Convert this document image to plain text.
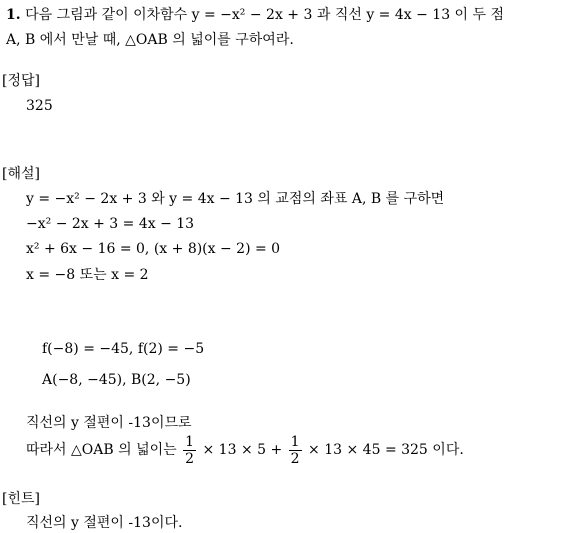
1. 다음 그림과 같이 이차함수 y = −x² − 2x + 3 과 직선 y = 4x − 13 이 두 점
A, B 에서 만날 때, △OAB 의 넓이를 구하여라.
[정답]
325
[해설]
y = −x² − 2x + 3 와 y = 4x − 13 의 교점의 좌표 A, B 를 구하면
−x² − 2x + 3 = 4x − 13
x² + 6x − 16 = 0, (x + 8)(x − 2) = 0
x = −8 또는 x = 2
f(−8) = −45, f(2) = −5
A(−8, −45), B(2, −5)
직선의 y 절편이 -13이므로
따라서 △OAB 의 넓이는 $\frac{1}{2} \times 13 \times 5 + \frac{1}{2} \times 13 \times 45 = 325$ 이다.
[힌트]
직선의 y 절편이 -13이다.
